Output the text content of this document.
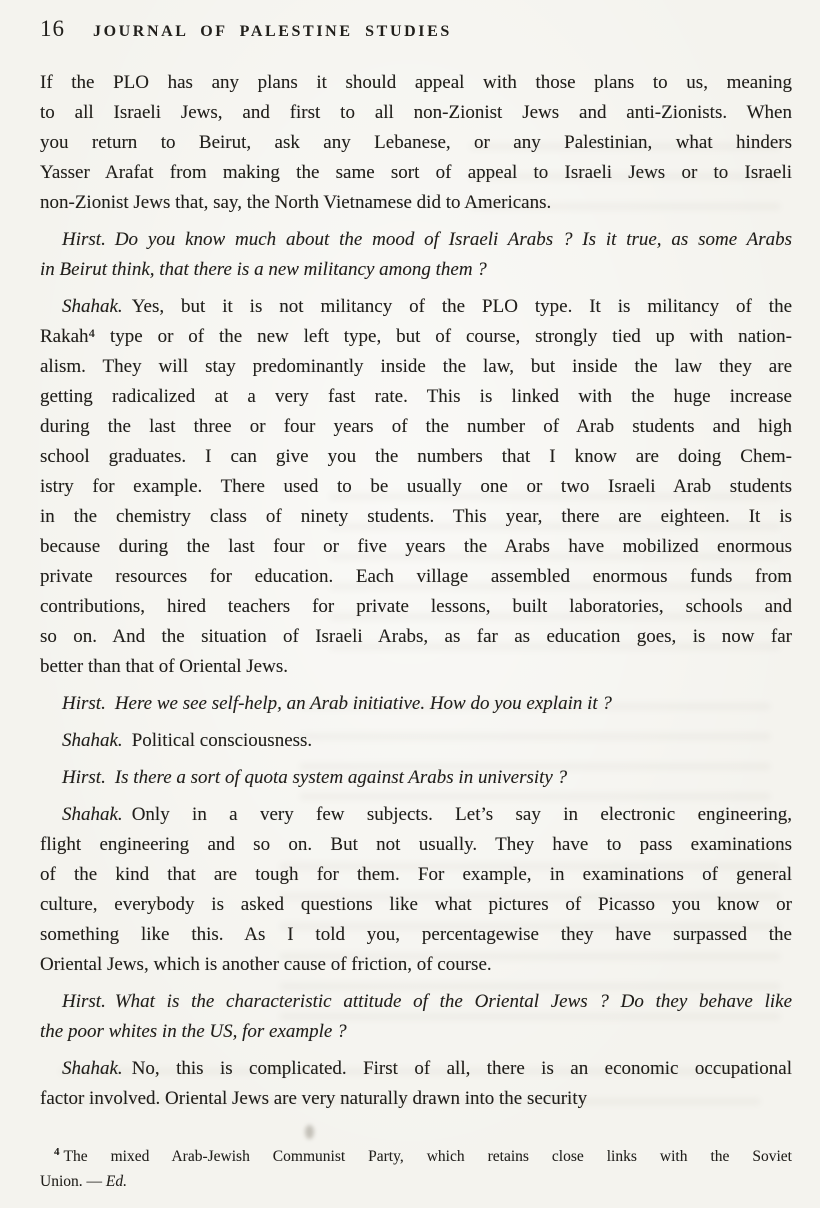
16 JOURNAL OF PALESTINE STUDIES
If the PLO has any plans it should appeal with those plans to us, meaning
to all Israeli Jews, and first to all non-Zionist Jews and anti-Zionists. When
you return to Beirut, ask any Lebanese, or any Palestinian, what hinders
Yasser Arafat from making the same sort of appeal to Israeli Jews or to Israeli
non-Zionist Jews that, say, the North Vietnamese did to Americans.
Hirst. Do you know much about the mood of Israeli Arabs ? Is it true, as some Arabs
in Beirut think, that there is a new militancy among them ?
Shahak. Yes, but it is not militancy of the PLO type. It is militancy of the
Rakah⁴ type or of the new left type, but of course, strongly tied up with nation-
alism. They will stay predominantly inside the law, but inside the law they are
getting radicalized at a very fast rate. This is linked with the huge increase
during the last three or four years of the number of Arab students and high
school graduates. I can give you the numbers that I know are doing Chem-
istry for example. There used to be usually one or two Israeli Arab students
in the chemistry class of ninety students. This year, there are eighteen. It is
because during the last four or five years the Arabs have mobilized enormous
private resources for education. Each village assembled enormous funds from
contributions, hired teachers for private lessons, built laboratories, schools and
so on. And the situation of Israeli Arabs, as far as education goes, is now far
better than that of Oriental Jews.
Hirst. Here we see self-help, an Arab initiative. How do you explain it ?
Shahak. Political consciousness.
Hirst. Is there a sort of quota system against Arabs in university ?
Shahak. Only in a very few subjects. Let’s say in electronic engineering,
flight engineering and so on. But not usually. They have to pass examinations
of the kind that are tough for them. For example, in examinations of general
culture, everybody is asked questions like what pictures of Picasso you know or
something like this. As I told you, percentagewise they have surpassed the
Oriental Jews, which is another cause of friction, of course.
Hirst. What is the characteristic attitude of the Oriental Jews ? Do they behave like
the poor whites in the US, for example ?
Shahak. No, this is complicated. First of all, there is an economic occupational
factor involved. Oriental Jews are very naturally drawn into the security
$^4$ The mixed Arab-Jewish Communist Party, which retains close links with the Soviet
Union. — Ed.
